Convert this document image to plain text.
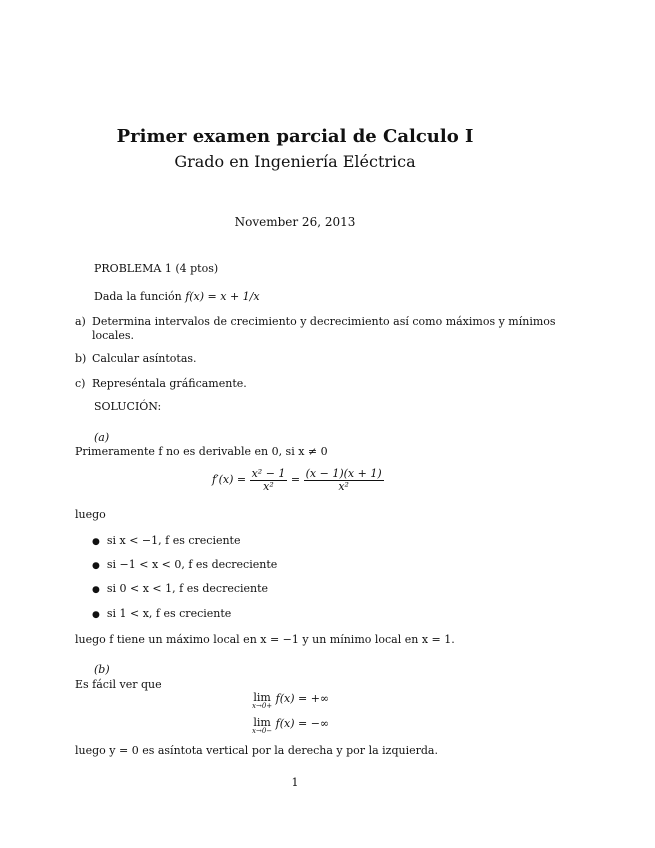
Primer examen parcial de Calculo I
Grado en Ingeniería Eléctrica
November 26, 2013
PROBLEMA 1 (4 ptos)
Dada la función f(x) = x + 1/x
a) Determina intervalos de crecimiento y decrecimiento así como máximos y mínimos
locales.
b) Calcular asíntotas.
c) Represéntala gráficamente.
SOLUCIÓN:
(a)
Primeramente f no es derivable en 0, si x ≠ 0
$f'(x) = \frac{\text{x² − 1}}{\text{x²}} = \frac{(x - 1)(x + 1)}{\text{x²}}$
luego
● si x < −1, f es creciente
● si −1 < x < 0, f es decreciente
● si 0 < x < 1, f es decreciente
● si 1 < x, f es creciente
luego f tiene un máximo local en x = −1 y un mínimo local en x = 1.
(b)
Es fácil ver que
lim
x→0+
f(x) = +∞
lim
x→0−
f(x) = −∞
luego y = 0 es asíntota vertical por la derecha y por la izquierda.
1
